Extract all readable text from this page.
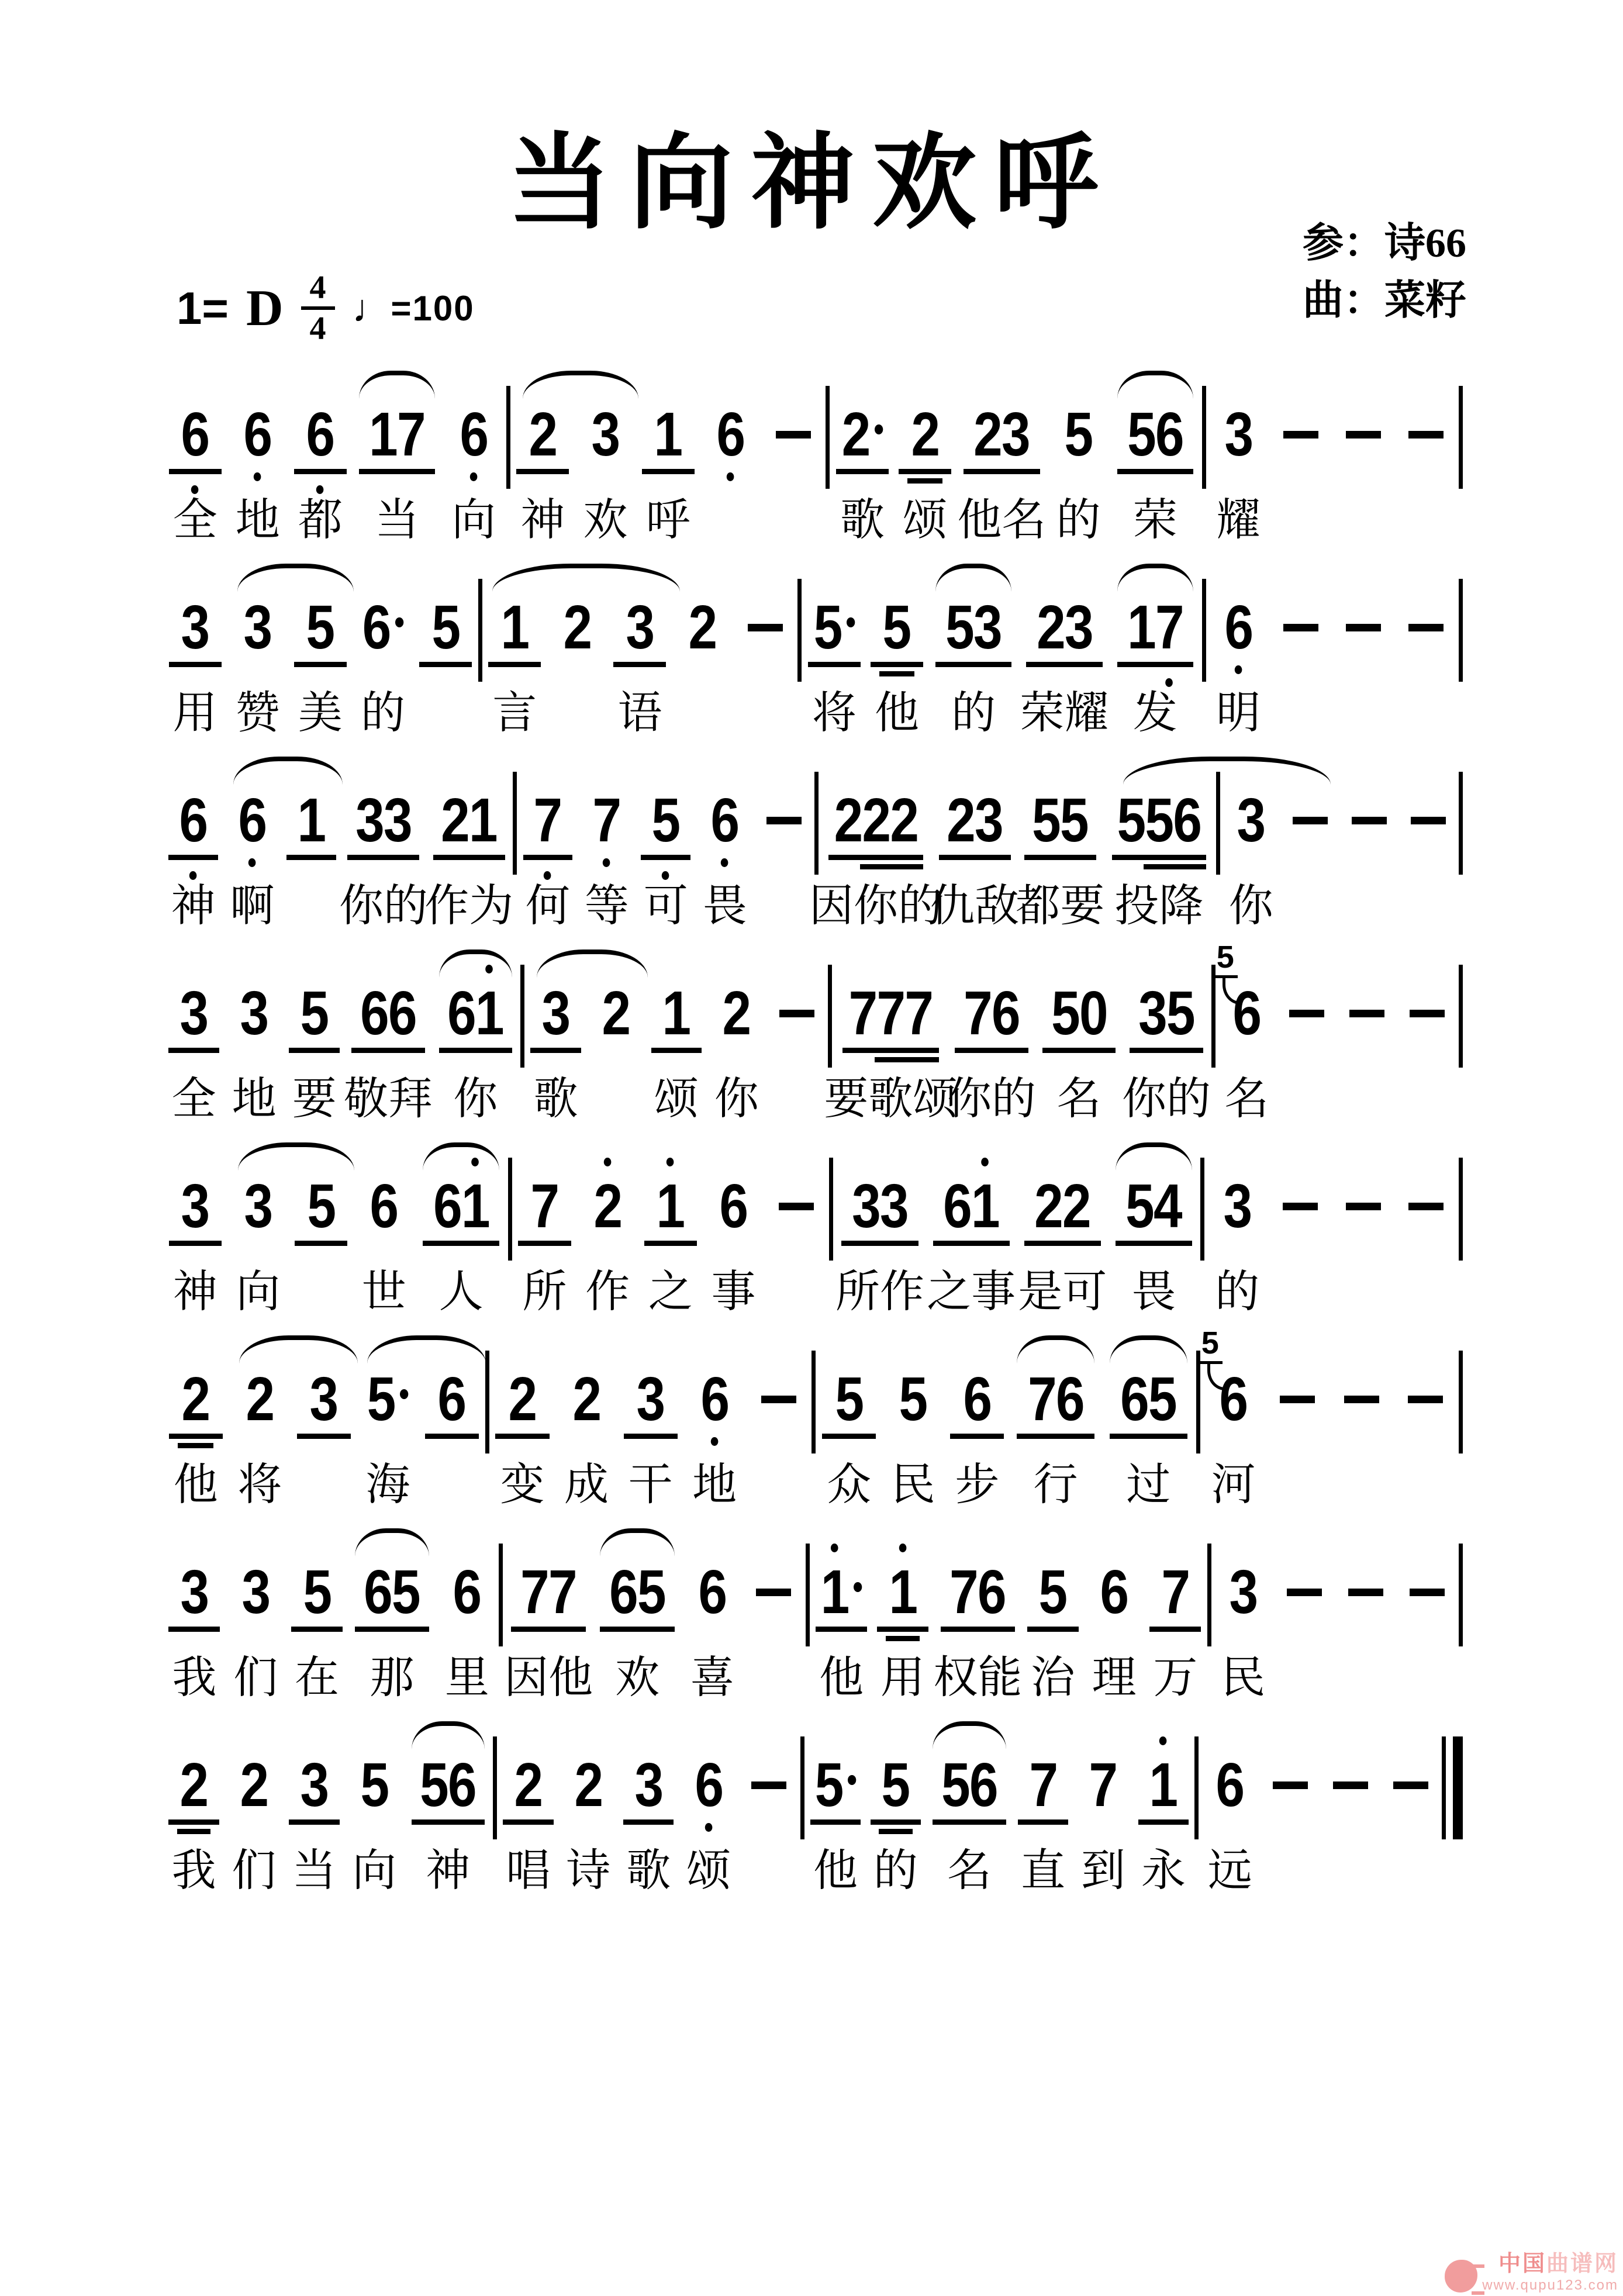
当向神欢呼
参：诗66
曲：菜籽
1= D 4
4 ♩ =100
6
全
6
地
6
都
17
当
6
向
2
神
3
欢
1
呼
6 2
歌
2
颂
23
他名
5
的
56
荣
3
耀
3
用
3
赞
5
美
6
的
5 1
言
2 3
语
2 5
将
5
他
53
的
23
荣耀
17
发
6
明
6
神
6
啊
1 33
你的
21
作为
7
何
7
等
5
可
6
畏
222
因你的
23
仇敌
55
都要
556
投降
3
你
3
全
3
地
5
要
66
敬拜
61
你
3
歌
2 1
颂
2
你
777
要歌颂
76
你的
50
名
35
你的
5
6
名
3
神
3
向
5 6
世
61
人
7
所
2
作
1
之
6
事
33
所作
61
之事
22
是可
54
畏
3
的
2
他
2
将
3 5
海
6 2
变
2
成
3
干
6
地
5
众
5
民
6
步
76
行
65
过
5
6
河
3
我
3
们
5
在
65
那
6
里
77
因他
65
欢
6
喜
1
他
1
用
76
权能
5
治
6
理
7
万
3
民
2
我
2
们
3
当
5
向
56
神
2
唱
2
诗
3
歌
6
颂
5
他
5
的
56
名
7
直
7
到
1
永
6
远
中国曲谱网
www.qupu123.com
